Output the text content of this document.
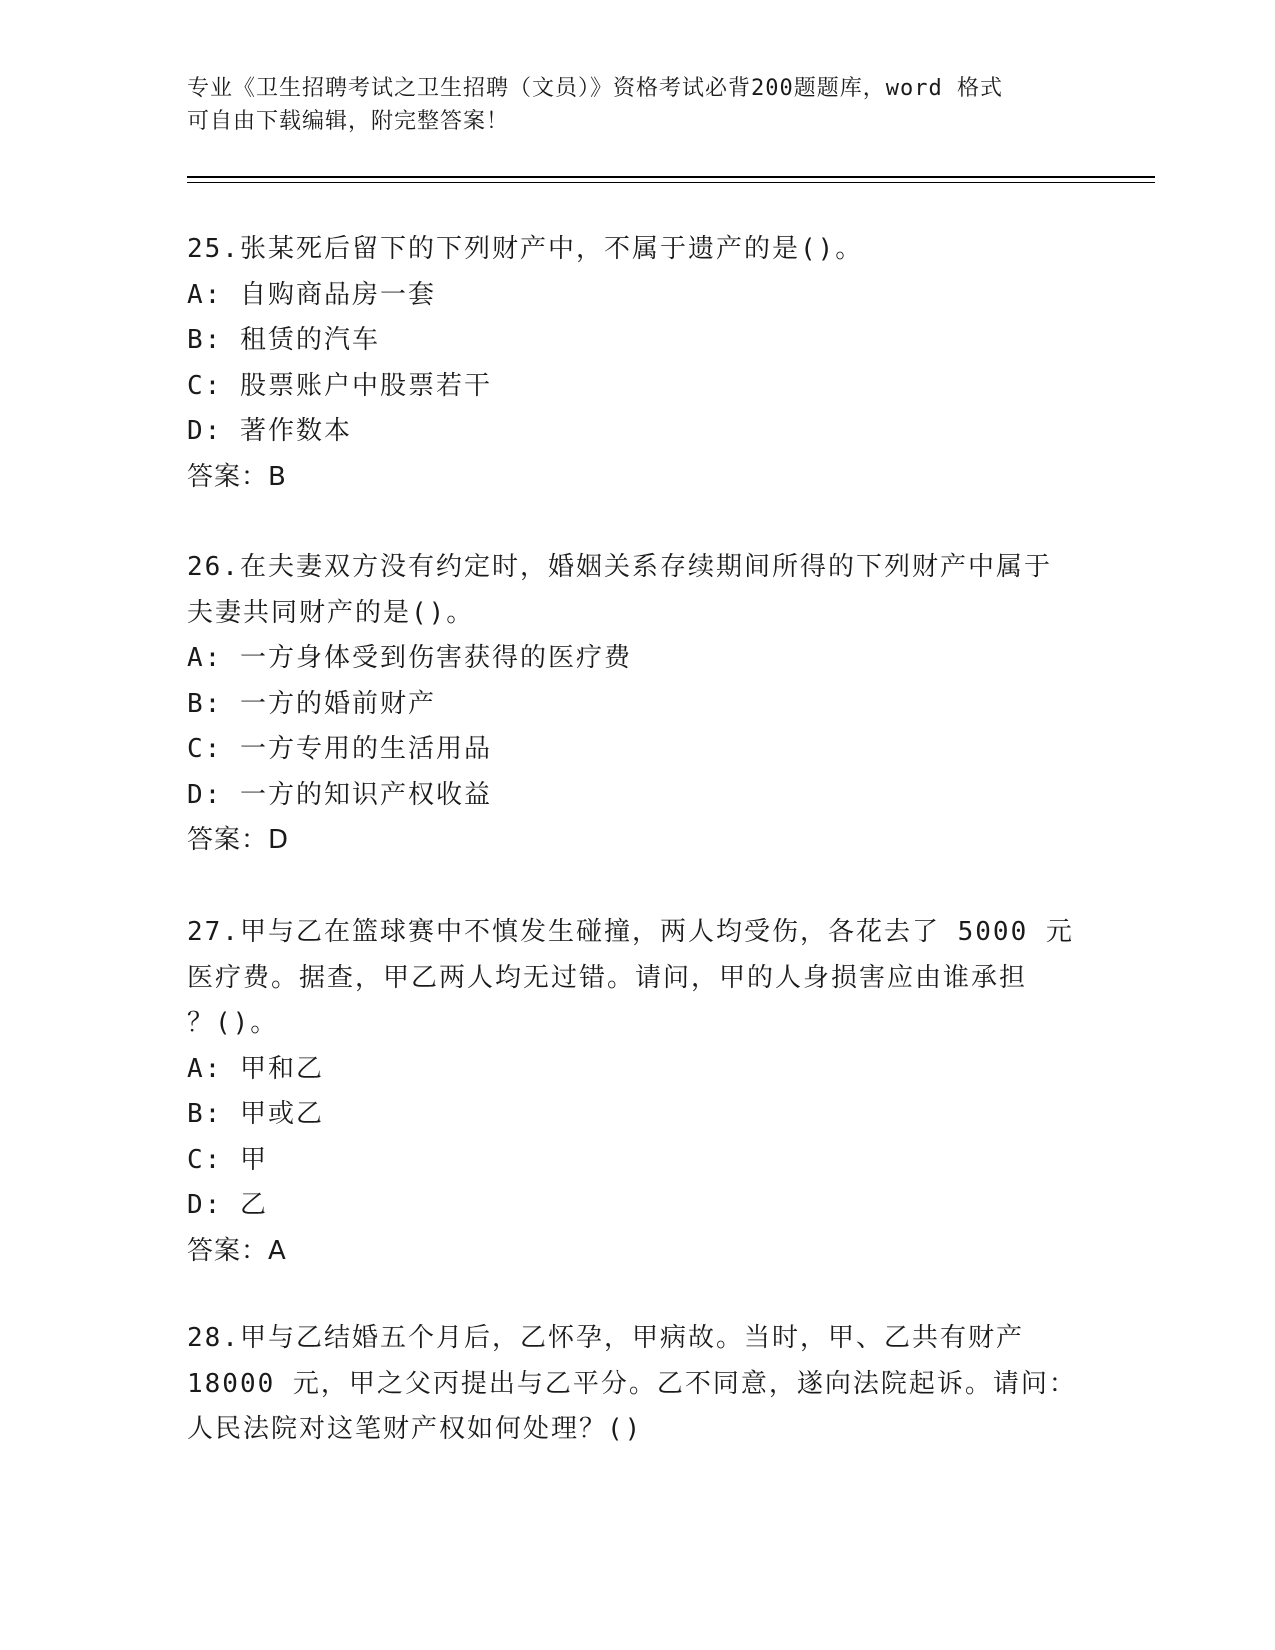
专业《卫生招聘考试之卫生招聘（文员）》资格考试必背200题题库，word 格式
可自由下载编辑，附完整答案！
25.张某死后留下的下列财产中，不属于遗产的是()。
A: 自购商品房一套
B: 租赁的汽车
C: 股票账户中股票若干
D: 著作数本
答案：B
26.在夫妻双方没有约定时，婚姻关系存续期间所得的下列财产中属于
夫妻共同财产的是()。
A: 一方身体受到伤害获得的医疗费
B: 一方的婚前财产
C: 一方专用的生活用品
D: 一方的知识产权收益
答案：D
27.甲与乙在篮球赛中不慎发生碰撞，两人均受伤，各花去了 5000 元
医疗费。据查，甲乙两人均无过错。请问，甲的人身损害应由谁承担
？()。
A: 甲和乙
B: 甲或乙
C: 甲
D: 乙
答案：A
28.甲与乙结婚五个月后，乙怀孕，甲病故。当时，甲、乙共有财产
18000 元，甲之父丙提出与乙平分。乙不同意，遂向法院起诉。请问：
人民法院对这笔财产权如何处理？()
